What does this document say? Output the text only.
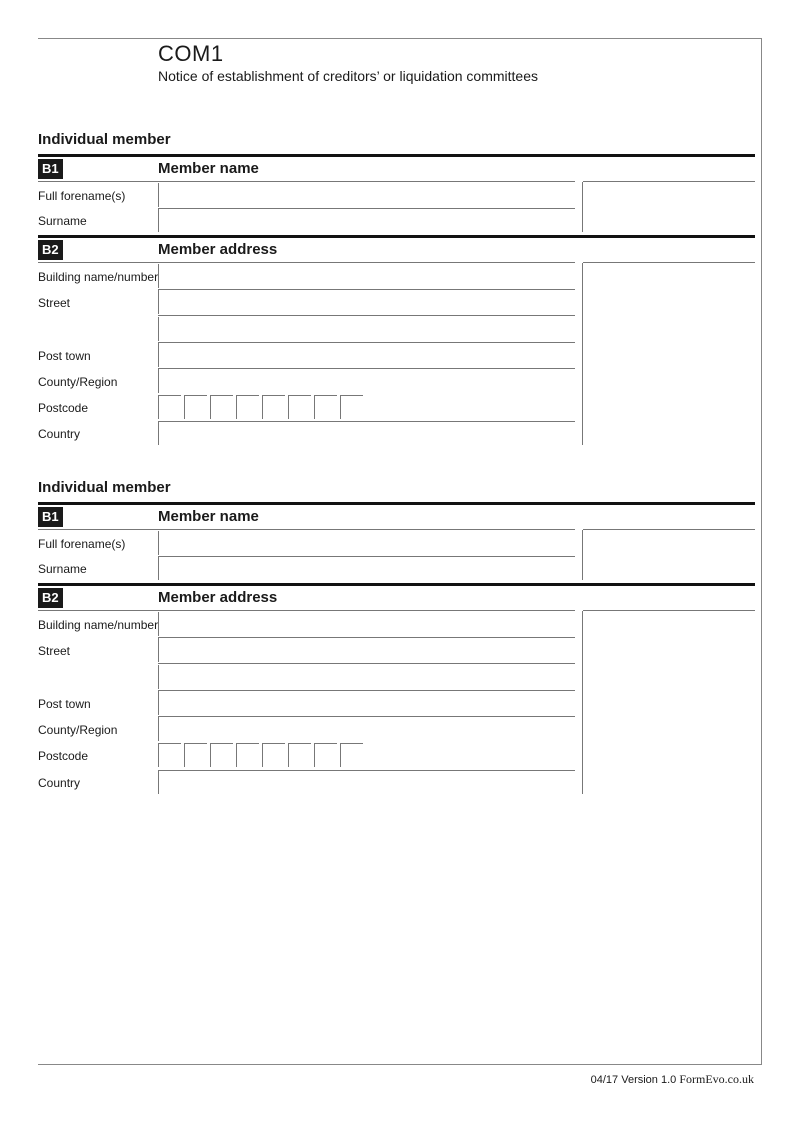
COM1
Notice of establishment of creditors’ or liquidation committees
Individual member
B1	Member name
Full forename(s)
Surname
B2	Member address
Building name/number
Street
Post town
County/Region
Postcode
Country
Individual member
B1	Member name
Full forename(s)
Surname
B2	Member address
Building name/number
Street
Post town
County/Region
Postcode
Country
04/17 Version 1.0 FormEvo.co.uk
